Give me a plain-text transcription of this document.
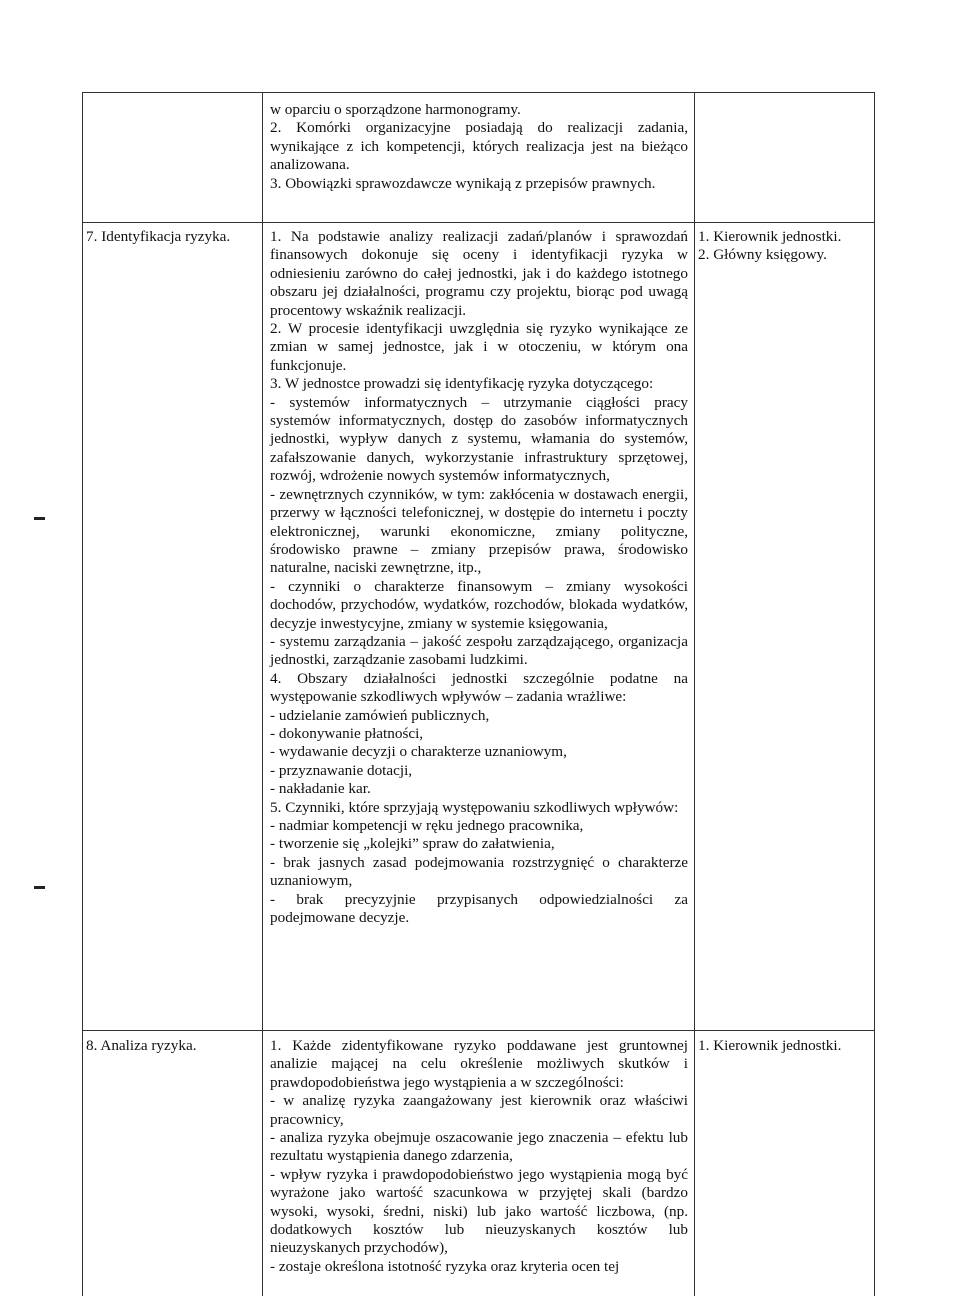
w oparciu o sporządzone harmonogramy.

2. Komórki organizacyjne posiadają do realizacji zadania, wynikające z ich kompetencji, których realizacja jest na bieżąco analizowana.

3. Obowiązki sprawozdawcze wynikają z przepisów prawnych.

7. Identyfikacja ryzyka.	1. Na podstawie analizy realizacji zadań/planów i sprawozdań finansowych dokonuje się oceny i identyfikacji ryzyka w odniesieniu zarówno do całej jednostki, jak i do każdego istotnego obszaru jej działalności, programu czy projektu, biorąc pod uwagą procentowy wskaźnik realizacji.

2. W procesie identyfikacji uwzględnia się ryzyko wynikające ze zmian w samej jednostce, jak i w otoczeniu, w którym ona funkcjonuje.

3. W jednostce prowadzi się identyfikację ryzyka dotyczącego:

- systemów informatycznych – utrzymanie ciągłości pracy systemów informatycznych, dostęp do zasobów informatycznych jednostki, wypływ danych z systemu, włamania do systemów, zafałszowanie danych, wykorzystanie infrastruktury sprzętowej, rozwój, wdrożenie nowych systemów informatycznych,

- zewnętrznych czynników, w tym: zakłócenia w dostawach energii, przerwy w łączności telefonicznej, w dostępie do internetu i poczty elektronicznej, warunki ekonomiczne, zmiany polityczne, środowisko prawne – zmiany przepisów prawa, środowisko naturalne, naciski zewnętrzne, itp.,

- czynniki o charakterze finansowym – zmiany wysokości dochodów, przychodów, wydatków, rozchodów, blokada wydatków, decyzje inwestycyjne, zmiany w systemie księgowania,

- systemu zarządzania – jakość zespołu zarządzającego, organizacja jednostki, zarządzanie zasobami ludzkimi.

4. Obszary działalności jednostki szczególnie podatne na występowanie szkodliwych wpływów – zadania wrażliwe:

- udzielanie zamówień publicznych,

- dokonywanie płatności,

- wydawanie decyzji o charakterze uznaniowym,

- przyznawanie dotacji,

- nakładanie kar.

5. Czynniki, które sprzyjają występowaniu szkodliwych wpływów:

- nadmiar kompetencji w ręku jednego pracownika,

- tworzenie się „kolejki” spraw do załatwienia,

- brak jasnych zasad podejmowania rozstrzygnięć o charakterze uznaniowym,

- brak precyzyjnie przypisanych odpowiedzialności za podejmowane decyzje.

1. Kierownik jednostki.
2. Główny księgowy.
8. Analiza ryzyka.	1. Każde zidentyfikowane ryzyko poddawane jest gruntownej analizie mającej na celu określenie możliwych skutków i prawdopodobieństwa jego wystąpienia a w szczególności:

- w analizę ryzyka zaangażowany jest kierownik oraz właściwi pracownicy,

- analiza ryzyka obejmuje oszacowanie jego znaczenia – efektu lub rezultatu wystąpienia danego zdarzenia,

- wpływ ryzyka i prawdopodobieństwo jego wystąpienia mogą być wyrażone jako wartość szacunkowa w przyjętej skali (bardzo wysoki, wysoki, średni, niski) lub jako wartość liczbowa, (np. dodatkowych kosztów lub nieuzyskanych kosztów lub nieuzyskanych przychodów),

- zostaje określona istotność ryzyka oraz kryteria ocen tej

1. Kierownik jednostki.
